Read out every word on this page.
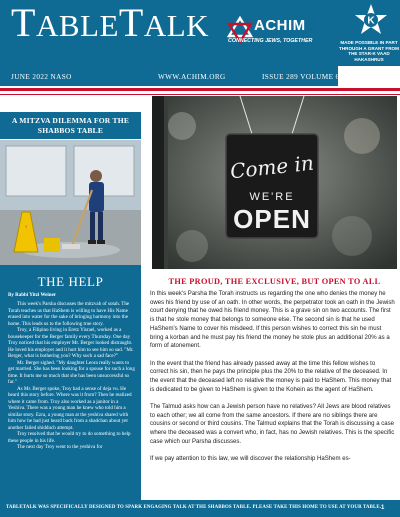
TABLETALK	ACHIM
CONNECTING JEWS, TOGETHER
K
MADE POSSIBLE IN PART THROUGH A GRANT FROM THE STAR-K VAAD HAKASHRUS
JUNE 2022 NASO	WWW.ACHIM.ORG	ISSUE 289 VOLUME 6
A MITZVA DILEMMA FOR THE SHABBOS TABLE
!
THE HELP
By Rabbi Yitzi Weiner

This week's Parsha discusses the mitzvah of sotah. The Torah teaches us that HaShem is willing to have His Name erased into water for the sake of bringing harmony into the home. This leads us to the following true story.

Troy, a Filipino living in Eretz Yisrael, worked as a housekeeper for the Berger family every Thursday. One day Troy noticed that his employer Mr. Berger looked distraught. He loved his employer and it hurt him to see him so sad. "Mr. Berger, what is bothering you? Why such a sad face?"

Mr. Berger sighed. "My daughter Leora really wants to get married. She has been looking for a spouse for such a long time. It hurts me so much that she has been unsuccessful so far."

As Mr. Berger spoke, Troy had a sense of deja vu. He heard this story before. Where was it from? Then he realized where it came from. Troy also worked as a janitor in a Yeshiva. There was a young man he knew who told him a similar story. Ezra, a young man at the yeshiva shared with him how he had just heard back from a shadchan about yet another failed shidduch attempt.

Troy resolved that he would try to do something to help these people in his life.

The next day Troy went to the yeshiva for

Come in
WE'RE
OPEN
THE PROUD, THE EXCLUSIVE, BUT OPEN TO ALL

In this week's Parsha the Torah instructs us regarding the one who denies the money he owes his friend by use of an oath. In other words, the perpetrator took an oath in the Jewish court denying that he owed his friend money. This is a grave sin on two accounts. The first is that he stole money that belongs to someone else. The second sin is that he used HaShem's Name to cover his misdeed. If this person wishes to correct this sin he must bring a korban and he must pay his friend the money he stole plus an additional 20% as a form of atonement.

In the event that the friend has already passed away at the time this fellow wishes to correct his sin, then he pays the principle plus the 20% to the relative of the deceased. In the event that the deceased left no relative the money is paid to HaShem. This money that is dedicated to be given to HaShem is given to the Kohein as the agent of HaShem.

The Talmud asks how can a Jewish person have no relatives? All Jews are blood relatives to each other; we all come from the same ancestors. If there are no siblings there are cousins or second or third cousins. The Talmud explains that the Torah is discussing a case where the deceased was a convert who, in fact, has no Jewish relatives. This is the specific case which our Parsha discusses.

If we pay attention to this law, we will discover the relationship HaShem es-

TABLETALK WAS SPECIFICALLY DESIGNED TO SPARK ENGAGING TALK AT THE SHABBOS TABLE. PLEASE TAKE THIS HOME TO USE AT YOUR TABLE. 1
